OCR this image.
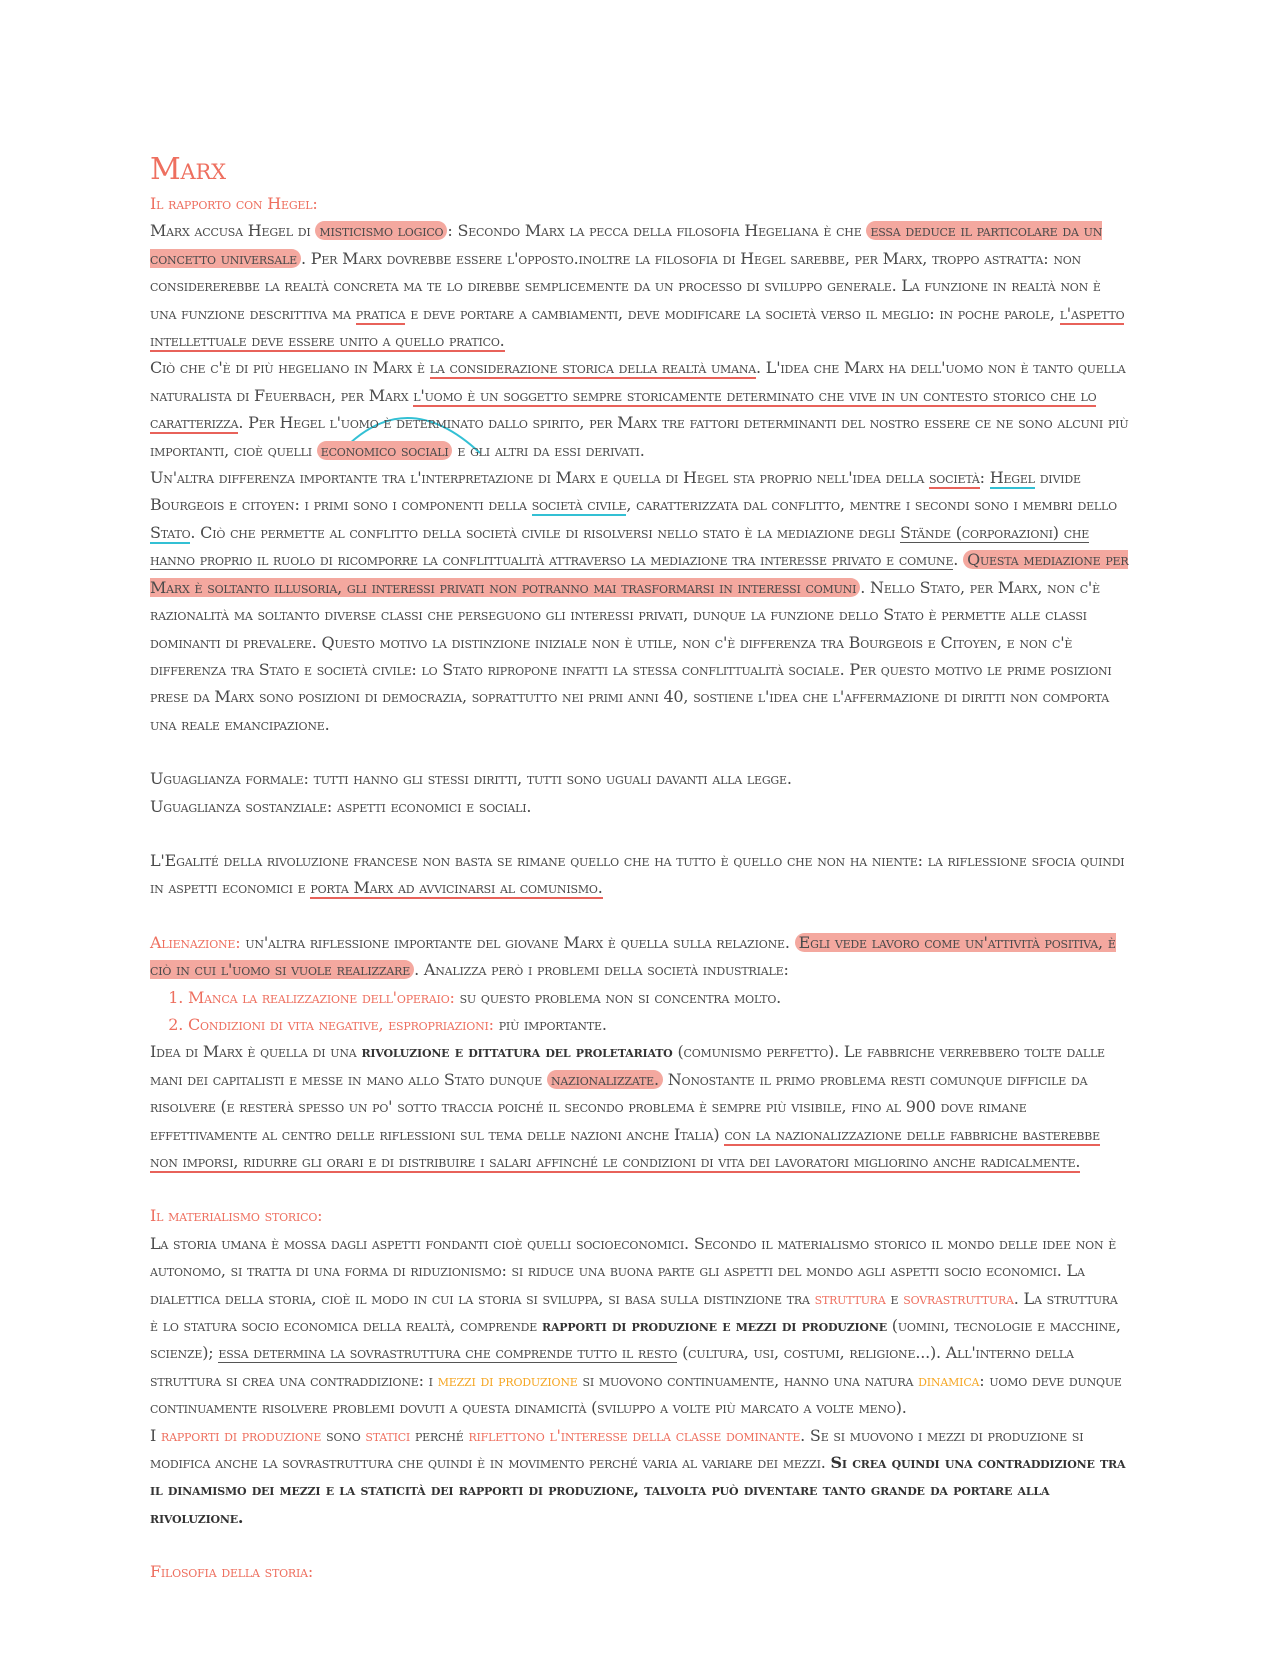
Marx

Il rapporto con Hegel:

Marx accusa Hegel di misticismo logico : Secondo Marx la pecca della filosofia Hegeliana è che essa deduce il particolare da un concetto universale . Per Marx dovrebbe essere l'opposto.inoltre la filosofia di Hegel sarebbe, per Marx, troppo astratta: non considererebbe la realtà concreta ma te lo direbbe semplicemente da un processo di sviluppo generale. La funzione in realtà non è una funzione descrittiva ma pratica e deve portare a cambiamenti, deve modificare la società verso il meglio: in poche parole, l'aspetto intellettuale deve essere unito a quello pratico.

Ciò che c'è di più hegeliano in Marx è la considerazione storica della realtà umana. L'idea che Marx ha dell'uomo non è tanto quella naturalista di Feuerbach, per Marx l'uomo è un soggetto sempre storicamente determinato che vive in un contesto storico che lo caratterizza. Per Hegel l'uomo è determinato dallo spirito, per Marx tre fattori determinanti del nostro essere ce ne sono alcuni più importanti, cioè quelli economico sociali e gli altri da essi derivati.

Un'altra differenza importante tra l'interpretazione di Marx e quella di Hegel sta proprio nell'idea della società: Hegel divide Bourgeois e citoyen: i primi sono i componenti della società civile, caratterizzata dal conflitto, mentre i secondi sono i membri dello Stato. Ciò che permette al conflitto della società civile di risolversi nello stato è la mediazione degli Stände (corporazioni) che hanno proprio il ruolo di ricomporre la conflittualità attraverso la mediazione tra interesse privato e comune. Questa mediazione per Marx è soltanto illusoria, gli interessi privati non potranno mai trasformarsi in interessi comuni . Nello Stato, per Marx, non c'è razionalità ma soltanto diverse classi che perseguono gli interessi privati, dunque la funzione dello Stato è permette alle classi dominanti di prevalere. Questo motivo la distinzione iniziale non è utile, non c'è differenza tra Bourgeois e Citoyen, e non c'è differenza tra Stato e società civile: lo Stato ripropone infatti la stessa conflittualità sociale. Per questo motivo le prime posizioni prese da Marx sono posizioni di democrazia, soprattutto nei primi anni 40, sostiene l'idea che l'affermazione di diritti non comporta una reale emancipazione.

Uguaglianza formale: tutti hanno gli stessi diritti, tutti sono uguali davanti alla legge.

Uguaglianza sostanziale: aspetti economici e sociali.

L'Egalité della rivoluzione francese non basta se rimane quello che ha tutto è quello che non ha niente: la riflessione sfocia quindi in aspetti economici e porta Marx ad avvicinarsi al comunismo.

Alienazione: un'altra riflessione importante del giovane Marx è quella sulla relazione. Egli vede lavoro come un'attività positiva, è ciò in cui l'uomo si vuole realizzare . Analizza però i problemi della società industriale:

1. Manca la realizzazione dell'operaio: su questo problema non si concentra molto.
2. Condizioni di vita negative, espropriazioni: più importante.

Idea di Marx è quella di una rivoluzione e dittatura del proletariato (comunismo perfetto). Le fabbriche verrebbero tolte dalle mani dei capitalisti e messe in mano allo Stato dunque nazionalizzate. Nonostante il primo problema resti comunque difficile da risolvere (e resterà spesso un po' sotto traccia poiché il secondo problema è sempre più visibile, fino al 900 dove rimane effettivamente al centro delle riflessioni sul tema delle nazioni anche Italia) con la nazionalizzazione delle fabbriche basterebbe non imporsi, ridurre gli orari e di distribuire i salari affinché le condizioni di vita dei lavoratori migliorino anche radicalmente.

Il materialismo storico:

La storia umana è mossa dagli aspetti fondanti cioè quelli socioeconomici. Secondo il materialismo storico il mondo delle idee non è autonomo, si tratta di una forma di riduzionismo: si riduce una buona parte gli aspetti del mondo agli aspetti socio economici. La dialettica della storia, cioè il modo in cui la storia si sviluppa, si basa sulla distinzione tra struttura e sovrastruttura. La struttura è lo statura socio economica della realtà, comprende rapporti di produzione e mezzi di produzione (uomini, tecnologie e macchine, scienze); essa determina la sovrastruttura che comprende tutto il resto (cultura, usi, costumi, religione...). All'interno della struttura si crea una contraddizione: i mezzi di produzione si muovono continuamente, hanno una natura dinamica: uomo deve dunque continuamente risolvere problemi dovuti a questa dinamicità (sviluppo a volte più marcato a volte meno).

I rapporti di produzione sono statici perché riflettono l'interesse della classe dominante. Se si muovono i mezzi di produzione si modifica anche la sovrastruttura che quindi è in movimento perché varia al variare dei mezzi. Si crea quindi una contraddizione tra il dinamismo dei mezzi e la staticità dei rapporti di produzione, talvolta può diventare tanto grande da portare alla rivoluzione.

Filosofia della storia:
